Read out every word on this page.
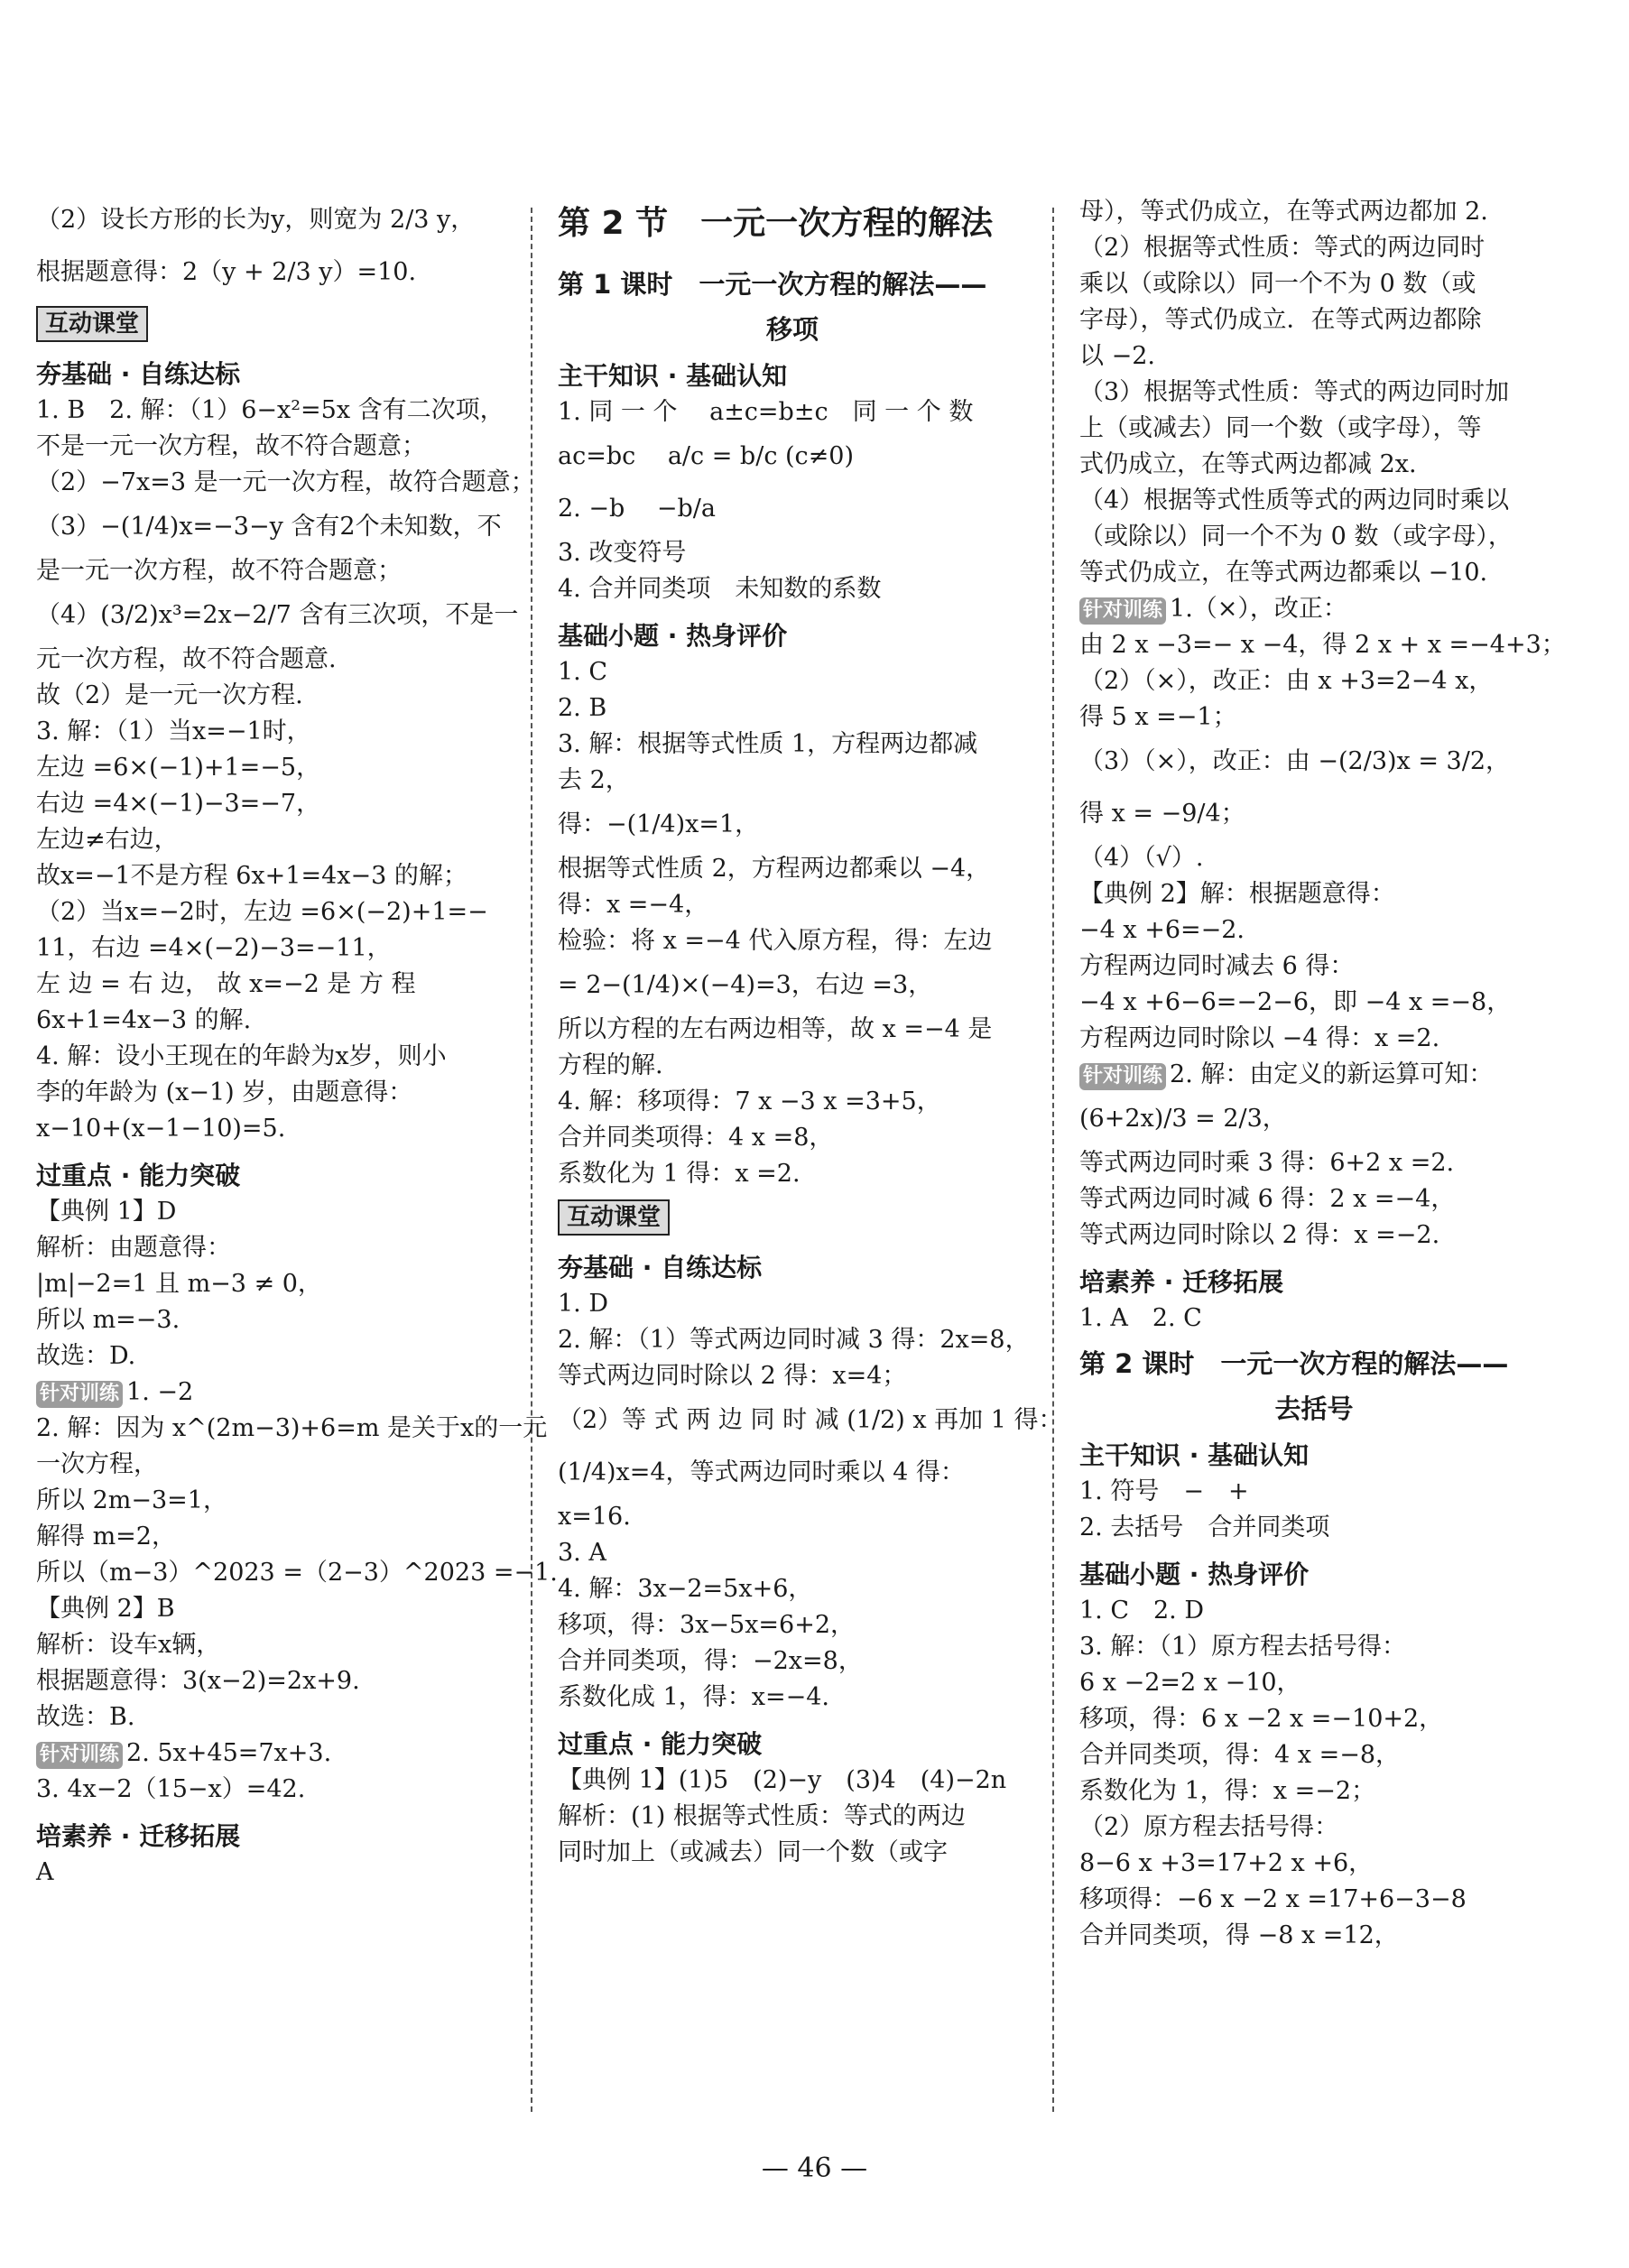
（2）设长方形的长为y，则宽为 2/3 y，
根据题意得：2（y + 2/3 y）=10.
互动课堂
夯基础 · 自练达标
1. B　2. 解：（1）6−x²=5x 含有二次项，
不是一元一次方程，故不符合题意；
（2）−7x=3 是一元一次方程，故符合题意；
（3）−(1/4)x=−3−y 含有2个未知数，不
是一元一次方程，故不符合题意；
（4）(3/2)x³=2x−2/7 含有三次项，不是一
元一次方程，故不符合题意.
故（2）是一元一次方程.
3. 解：（1）当x=−1时，
左边 =6×(−1)+1=−5，
右边 =4×(−1)−3=−7，
左边≠右边，
故x=−1不是方程 6x+1=4x−3 的解；
（2）当x=−2时，左边 =6×(−2)+1=−
11，右边 =4×(−2)−3=−11，
左 边 = 右 边， 故 x=−2 是 方 程
6x+1=4x−3 的解.
4. 解：设小王现在的年龄为x岁，则小
李的年龄为 (x−1) 岁，由题意得：
x−10+(x−1−10)=5.
过重点 · 能力突破
【典例 1】D
解析：由题意得：
|m|−2=1 且 m−3 ≠ 0，
所以 m=−3.
故选：D.
针对训练 1. −2
2. 解：因为 x^(2m−3)+6=m 是关于x的一元
一次方程，
所以 2m−3=1，
解得 m=2，
所以（m−3）^2023 =（2−3）^2023 =−1.
【典例 2】B
解析：设车x辆，
根据题意得：3(x−2)=2x+9.
故选：B.
针对训练 2. 5x+45=7x+3.
3. 4x−2（15−x）=42.
培素养 · 迁移拓展
A
第 2 节　一元一次方程的解法
第 1 课时　一元一次方程的解法——
移项
主干知识 · 基础认知
1. 同 一 个　 a±c=b±c　同 一 个 数
ac=bc　 a/c = b/c (c≠0)
2. −b　 −b/a
3. 改变符号
4. 合并同类项　未知数的系数
基础小题 · 热身评价
1. C
2. B
3. 解：根据等式性质 1，方程两边都减
去 2，
得：−(1/4)x=1，
根据等式性质 2，方程两边都乘以 −4，
得：x =−4，
检验：将 x =−4 代入原方程，得：左边
= 2−(1/4)×(−4)=3，右边 =3，
所以方程的左右两边相等，故 x =−4 是
方程的解.
4. 解：移项得：7 x −3 x =3+5，
合并同类项得：4 x =8，
系数化为 1 得：x =2.
互动课堂
夯基础 · 自练达标
1. D
2. 解：（1）等式两边同时减 3 得：2x=8，
等式两边同时除以 2 得：x=4；
（2）等 式 两 边 同 时 减 (1/2) x 再加 1 得：
(1/4)x=4，等式两边同时乘以 4 得：
x=16.
3. A
4. 解：3x−2=5x+6，
移项，得：3x−5x=6+2，
合并同类项，得：−2x=8，
系数化成 1，得：x=−4.
过重点 · 能力突破
【典例 1】(1)5　(2)−y　(3)4　(4)−2n
解析：(1) 根据等式性质：等式的两边
同时加上（或减去）同一个数（或字
母），等式仍成立，在等式两边都加 2.
（2）根据等式性质：等式的两边同时
乘以（或除以）同一个不为 0 数（或
字母），等式仍成立．在等式两边都除
以 −2.
（3）根据等式性质：等式的两边同时加
上（或减去）同一个数（或字母），等
式仍成立，在等式两边都减 2x.
（4）根据等式性质等式的两边同时乘以
（或除以）同一个不为 0 数（或字母），
等式仍成立，在等式两边都乘以 −10.
针对训练 1.（×），改正：
由 2 x −3=− x −4，得 2 x + x =−4+3；
（2）（×），改正：由 x +3=2−4 x，
得 5 x =−1；
（3）（×），改正：由 −(2/3)x = 3/2，
得 x = −9/4；
（4）（√）.
【典例 2】解：根据题意得：
−4 x +6=−2.
方程两边同时减去 6 得：
−4 x +6−6=−2−6，即 −4 x =−8，
方程两边同时除以 −4 得：x =2.
针对训练 2. 解：由定义的新运算可知：
(6+2x)/3 = 2/3，
等式两边同时乘 3 得：6+2 x =2.
等式两边同时减 6 得：2 x =−4，
等式两边同时除以 2 得：x =−2.
培素养 · 迁移拓展
1. A　2. C
第 2 课时　一元一次方程的解法——
去括号
主干知识 · 基础认知
1. 符号　−　+
2. 去括号　合并同类项
基础小题 · 热身评价
1. C　2. D
3. 解：（1）原方程去括号得：
6 x −2=2 x −10，
移项，得：6 x −2 x =−10+2，
合并同类项，得：4 x =−8，
系数化为 1，得：x =−2；
（2）原方程去括号得：
8−6 x +3=17+2 x +6，
移项得：−6 x −2 x =17+6−3−8
合并同类项，得 −8 x =12，
— 46 —
